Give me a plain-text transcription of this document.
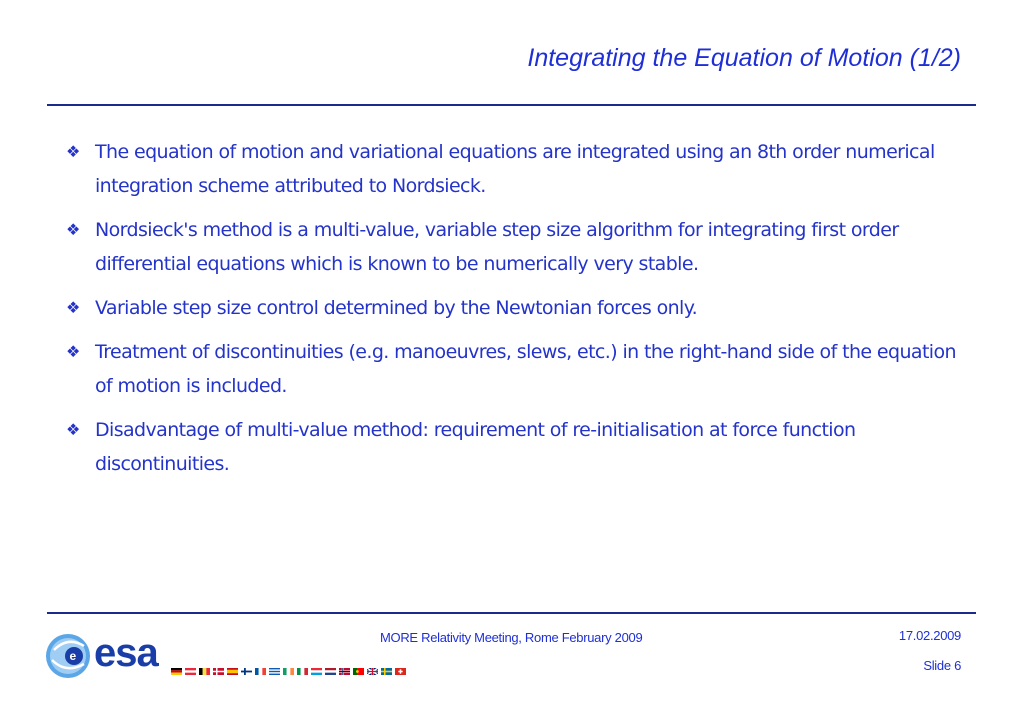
Integrating the Equation of Motion (1/2)
❖ The equation of motion and variational equations are integrated using an 8th order numerical integration scheme attributed to Nordsieck.
❖ Nordsieck's method is a multi-value, variable step size algorithm for integrating first order differential equations which is known to be numerically very stable.
❖ Variable step size control determined by the Newtonian forces only.
❖ Treatment of discontinuities (e.g. manoeuvres, slews, etc.) in the right-hand side of the equation of motion is included.
❖ Disadvantage of multi-value method: requirement of re-initialisation at force function discontinuities.
e esa	MORE Relativity Meeting, Rome February 2009	17.02.2009
Slide 6
